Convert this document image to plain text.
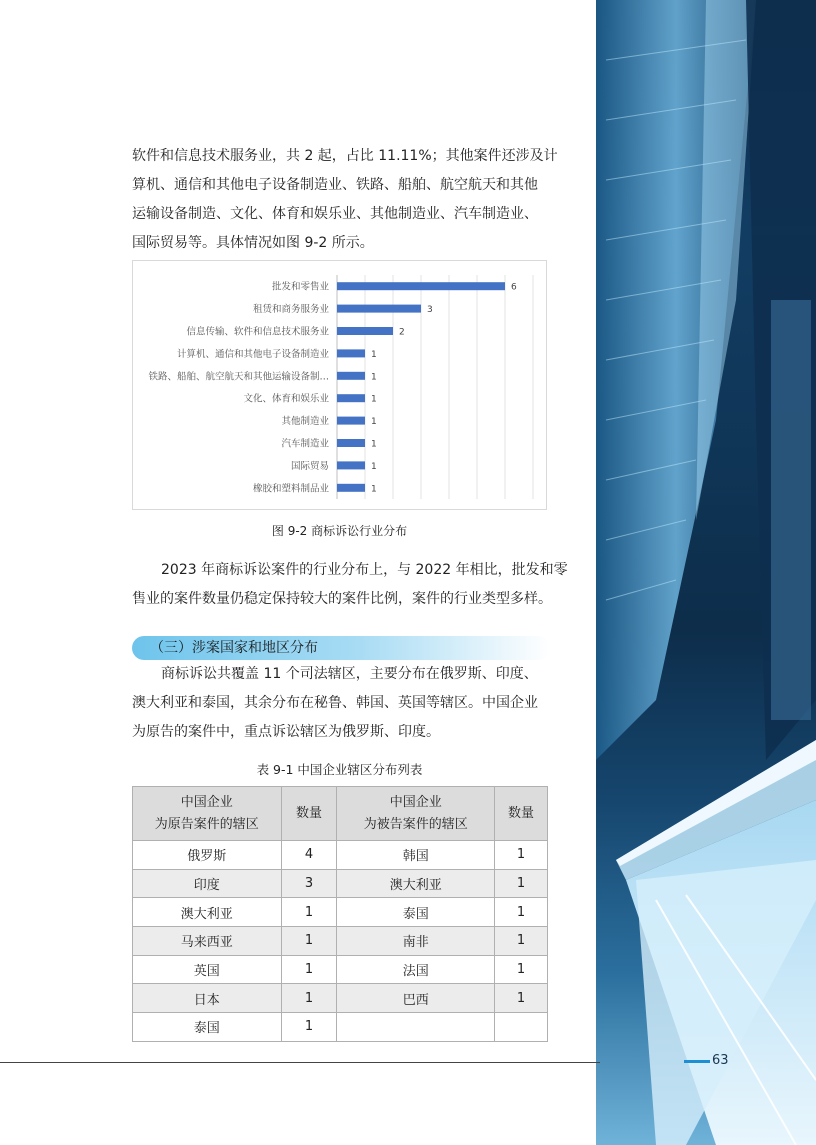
软件和信息技术服务业，共 2 起，占比 11.11%；其他案件还涉及计
算机、通信和其他电子设备制造业、铁路、船舶、航空航天和其他
运输设备制造、文化、体育和娱乐业、其他制造业、汽车制造业、
国际贸易等。具体情况如图 9-2 所示。
批发和零售业	6
租赁和商务服务业	3
信息传输、软件和信息技术服务业	2
计算机、通信和其他电子设备制造业	1
铁路、船舶、航空航天和其他运输设备制…	1
文化、体育和娱乐业	1
其他制造业	1
汽车制造业	1
国际贸易	1
橡胶和塑料制品业	1
图 9-2 商标诉讼行业分布
2023 年商标诉讼案件的行业分布上，与 2022 年相比，批发和零
售业的案件数量仍稳定保持较大的案件比例，案件的行业类型多样。
（三）涉案国家和地区分布
商标诉讼共覆盖 11 个司法辖区，主要分布在俄罗斯、印度、
澳大利亚和泰国，其余分布在秘鲁、韩国、英国等辖区。中国企业
为原告的案件中，重点诉讼辖区为俄罗斯、印度。
表 9-1 中国企业辖区分布列表
中国企业
为原告案件的辖区	数量	中国企业
为被告案件的辖区	数量
俄罗斯	4	韩国	1
印度	3	澳大利亚	1
澳大利亚	1	泰国	1
马来西亚	1	南非	1
英国	1	法国	1
日本	1	巴西	1
泰国	1		
63
